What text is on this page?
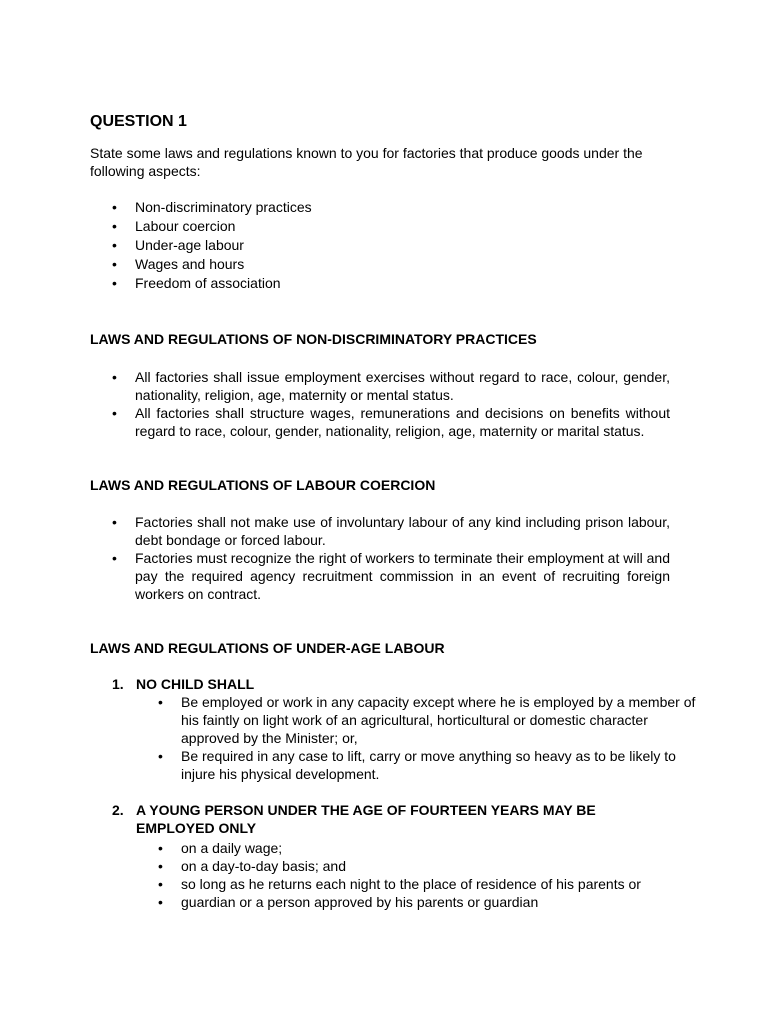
QUESTION 1
State some laws and regulations known to you for factories that produce goods under the following aspects:
• Non-discriminatory practices
• Labour coercion
• Under-age labour
• Wages and hours
• Freedom of association
LAWS AND REGULATIONS OF NON-DISCRIMINATORY PRACTICES
• All factories shall issue employment exercises without regard to race, colour, gender, nationality, religion, age, maternity or mental status.
• All factories shall structure wages, remunerations and decisions on benefits without regard to race, colour, gender, nationality, religion, age, maternity or marital status.
LAWS AND REGULATIONS OF LABOUR COERCION
• Factories shall not make use of involuntary labour of any kind including prison labour, debt bondage or forced labour.
• Factories must recognize the right of workers to terminate their employment at will and pay the required agency recruitment commission in an event of recruiting foreign workers on contract.
LAWS AND REGULATIONS OF UNDER-AGE LABOUR
1. NO CHILD SHALL
• Be employed or work in any capacity except where he is employed by a member of his faintly on light work of an agricultural, horticultural or domestic character approved by the Minister; or,
• Be required in any case to lift, carry or move anything so heavy as to be likely to injure his physical development.
2. A YOUNG PERSON UNDER THE AGE OF FOURTEEN YEARS MAY BE EMPLOYED ONLY
• on a daily wage;
• on a day-to-day basis; and
• so long as he returns each night to the place of residence of his parents or
• guardian or a person approved by his parents or guardian
